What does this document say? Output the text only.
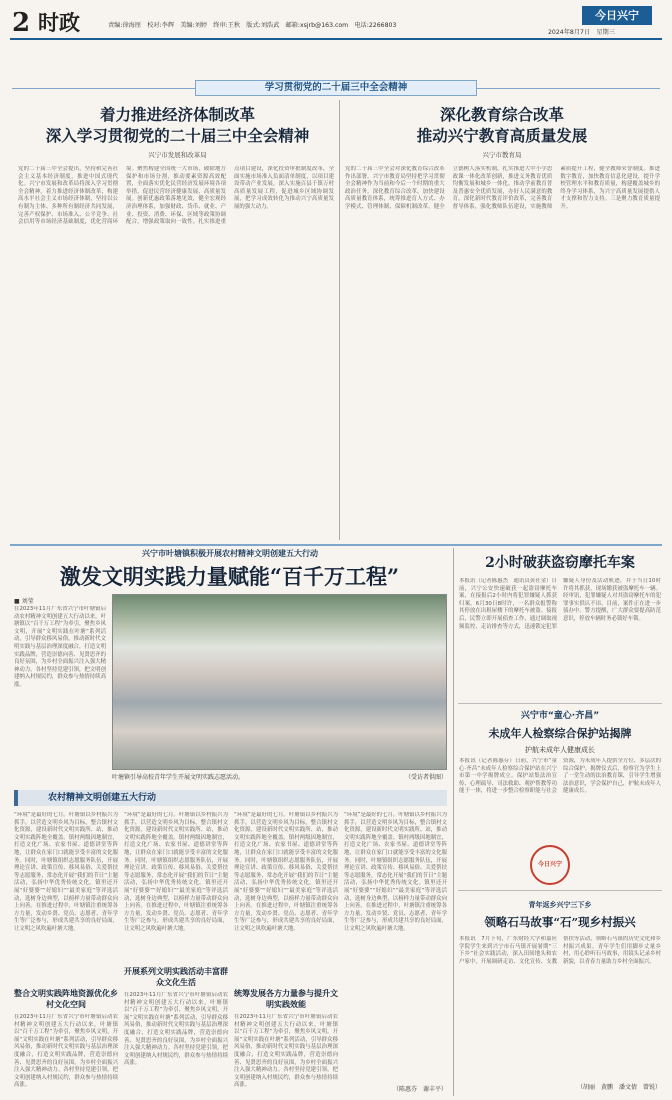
2 时政	责编:徐海厘　校对:李辉　美编:刘婷　终审:王秋　版式:刘浩武　邮箱:xsjrb@163.com　电话:2266803
今日兴宁
2024年8月7日　星期三
学习贯彻党的二十届三中全会精神
着力推进经济体制改革
深入学习贯彻党的二十届三中全会精神
兴宁市发展和改革局
党的二十届三中全会提出，坚持和完善社会主义基本经济制度，推进中国式现代化。兴宁市发展和改革局将深入学习贯彻全会精神，着力推进经济体制改革，构建高水平社会主义市场经济体制，坚持以公有制为主体、多种所有制经济共同发展，完善产权保护、市场准入、公平竞争、社会信用等市场经济基础制度，优化营商环境。聚焦构建全国统一大市场，破除地方保护和市场分割，推动要素资源高效配置，全面落实优化民营经济发展环境各项举措，促进民营经济健康发展、高质量发展。创新优惠政策落地见效，健全宏观经济治理体系，加强财政、货币、就业、产业、投资、消费、环保、区域等政策协调配合，增强政策取向一致性。扎实推进重点项目建设，深化投资审批制度改革，全面实施市场准入负面清单制度，以项目建设带动产业发展，深入实施百县千镇万村高质量发展工程，促进城乡区域协调发展，把学习成效转化为推动兴宁高质量发展的强大动力。
深化教育综合改革
推动兴宁教育高质量发展
兴宁市教育局
党的二十届三中全会对深化教育综合改革作出部署。兴宁市教育局坚持把学习贯彻全会精神作为当前和今后一个时期的重大政治任务，深化教育综合改革，加快建设高质量教育体系，统筹推进育人方式、办学模式、管理体制、保障机制改革。健全立德树人落实机制，扎实推进大中小学思政课一体化改革创新，推进义务教育优质均衡发展和城乡一体化，推动学前教育普及普惠安全优质发展，办好人民满意的教育。深化新时代教育评价改革，完善教育督导体系，强化教师队伍建设，实施教师素质提升工程，健全教师荣誉制度。推进数字教育，加快教育信息化建设，提升学校管理水平和教育质量，构建覆盖城乡的终身学习体系，为兴宁高质量发展提供人才支撑和智力支持。三是聚力教育质量提升。
兴宁市叶塘镇积极开展农村精神文明创建五大行动
激发文明实践力量赋能“百千万工程”
■ 刘莹
在2023年11月广东省兴宁市叶塘镇启动农村精神文明创建五大行动以来，叶塘镇以“百千万工程”为牵引，聚焦乡风文明，开展“文明实践在叶塘”系列活动，引导群众移风易俗，推动新时代文明实践与基层治理深度融合，打造文明实践品牌，营造崇德向善、见贤思齐的良好氛围，为乡村全面振兴注入强大精神动力。各村坚持党建引领，把文明创建纳入村规民约，群众参与热情持续高涨。
叶塘镇引导高校青年学生开展文明实践志愿活动。	（受访者供图）
农村精神文明创建五大行动
“环境”是最好的七月。叶塘镇以乡村振兴为抓手，以营造文明乡风为目标，整合镇村文化资源，建设新时代文明实践所、站，推动文明实践阵地全覆盖。镇村两级因地制宜，打造文化广场、农家书屋、道德讲堂等阵地，让群众在家门口就能享受丰富的文化服务。同时，叶塘镇组织志愿服务队伍，开展理论宣讲、政策宣传、移风易俗、关爱帮扶等志愿服务，常态化开展“我们的节日”主题活动，弘扬中华优秀传统文化。镇里还开展“好婆婆”“好媳妇”“最美家庭”等评选活动，选树身边典型，以榜样力量带动群众向上向善。在推进过程中，叶塘镇注重统筹各方力量，发动乡贤、党员、志愿者、青年学生等广泛参与，形成共建共享的良好局面，让文明之风吹遍叶塘大地。
整合文明实践阵地资源优化乡村文化空间
在2023年11月广东省兴宁市叶塘镇启动农村精神文明创建五大行动以来，叶塘镇以“百千万工程”为牵引，聚焦乡风文明，开展“文明实践在叶塘”系列活动，引导群众移风易俗，推动新时代文明实践与基层治理深度融合，打造文明实践品牌，营造崇德向善、见贤思齐的良好氛围，为乡村全面振兴注入强大精神动力。各村坚持党建引领，把文明创建纳入村规民约，群众参与热情持续高涨。
“环境”是最好的七月。叶塘镇以乡村振兴为抓手，以营造文明乡风为目标，整合镇村文化资源，建设新时代文明实践所、站，推动文明实践阵地全覆盖。镇村两级因地制宜，打造文化广场、农家书屋、道德讲堂等阵地，让群众在家门口就能享受丰富的文化服务。同时，叶塘镇组织志愿服务队伍，开展理论宣讲、政策宣传、移风易俗、关爱帮扶等志愿服务，常态化开展“我们的节日”主题活动，弘扬中华优秀传统文化。镇里还开展“好婆婆”“好媳妇”“最美家庭”等评选活动，选树身边典型，以榜样力量带动群众向上向善。在推进过程中，叶塘镇注重统筹各方力量，发动乡贤、党员、志愿者、青年学生等广泛参与，形成共建共享的良好局面，让文明之风吹遍叶塘大地。
开展系列文明实践活动丰富群众文化生活
在2023年11月广东省兴宁市叶塘镇启动农村精神文明创建五大行动以来，叶塘镇以“百千万工程”为牵引，聚焦乡风文明，开展“文明实践在叶塘”系列活动，引导群众移风易俗，推动新时代文明实践与基层治理深度融合，打造文明实践品牌，营造崇德向善、见贤思齐的良好氛围，为乡村全面振兴注入强大精神动力。各村坚持党建引领，把文明创建纳入村规民约，群众参与热情持续高涨。
“环境”是最好的七月。叶塘镇以乡村振兴为抓手，以营造文明乡风为目标，整合镇村文化资源，建设新时代文明实践所、站，推动文明实践阵地全覆盖。镇村两级因地制宜，打造文化广场、农家书屋、道德讲堂等阵地，让群众在家门口就能享受丰富的文化服务。同时，叶塘镇组织志愿服务队伍，开展理论宣讲、政策宣传、移风易俗、关爱帮扶等志愿服务，常态化开展“我们的节日”主题活动，弘扬中华优秀传统文化。镇里还开展“好婆婆”“好媳妇”“最美家庭”等评选活动，选树身边典型，以榜样力量带动群众向上向善。在推进过程中，叶塘镇注重统筹各方力量，发动乡贤、党员、志愿者、青年学生等广泛参与，形成共建共享的良好局面，让文明之风吹遍叶塘大地。
统筹发展各方力量参与提升文明实践效能
在2023年11月广东省兴宁市叶塘镇启动农村精神文明创建五大行动以来，叶塘镇以“百千万工程”为牵引，聚焦乡风文明，开展“文明实践在叶塘”系列活动，引导群众移风易俗，推动新时代文明实践与基层治理深度融合，打造文明实践品牌，营造崇德向善、见贤思齐的良好氛围，为乡村全面振兴注入强大精神动力。各村坚持党建引领，把文明创建纳入村规民约，群众参与热情持续高涨。
“环境”是最好的七月。叶塘镇以乡村振兴为抓手，以营造文明乡风为目标，整合镇村文化资源，建设新时代文明实践所、站，推动文明实践阵地全覆盖。镇村两级因地制宜，打造文化广场、农家书屋、道德讲堂等阵地，让群众在家门口就能享受丰富的文化服务。同时，叶塘镇组织志愿服务队伍，开展理论宣讲、政策宣传、移风易俗、关爱帮扶等志愿服务，常态化开展“我们的节日”主题活动，弘扬中华优秀传统文化。镇里还开展“好婆婆”“好媳妇”“最美家庭”等评选活动，选树身边典型，以榜样力量带动群众向上向善。在推进过程中，叶塘镇注重统筹各方力量，发动乡贤、党员、志愿者、青年学生等广泛参与，形成共建共享的良好局面，让文明之风吹遍叶塘大地。
（陈惠芬　谢丰平）
2小时破获盗窃摩托车案
本报讯（记者陈惠杰　通讯员黄社金）日前，兴宁公安快速破获一起盗窃摩托车案，在接报后2小时内将犯罪嫌疑人抓获归案。6月30日8时许，一名群众报警称其停放在出租屋楼下的摩托车被盗。接报后，民警立即开展侦查工作，通过调取视频监控、走访排查等方式，迅速锁定犯罪嫌疑人身份及活动轨迹，并于当日10时许将其抓获，现场缴获被盗摩托车一辆。经审讯，犯罪嫌疑人对其盗窃摩托车的犯罪事实供认不讳。目前，案件正在进一步侦办中。警方提醒，广大群众要提高防范意识，停放车辆时务必锁好车锁。
兴宁市“童心·齐昌”
未成年人检察综合保护站揭牌
护航未成年人健康成长
本报讯（记者陈惠芬）日前，兴宁市“童心·齐昌”未成年人检察综合保护站在兴宁市第一中学揭牌成立。保护站集法治宣传、心理疏导、司法救助、观护帮教等功能于一体，将进一步整合检察职能与社会资源，为未成年人提供全方位、多层次的综合保护。揭牌仪式后，检察官为学生上了一堂生动的法治教育课，引导学生增强法治意识，学会保护自己，护航未成年人健康成长。
今日兴宁
青年返乡兴宁三下乡
领略石马故事“石”现乡村振兴
本报讯　7月下旬，广东财经大学和嘉应学院学生来到兴宁市石马镇开展暑期“三下乡”社会实践活动，深入田间地头和农户家中，开展调研走访、文化宣传、支教帮扶等活动，领略石马镇的历史文化和乡村振兴成果。青年学生们用脚步丈量乡村，用心聆听石马故事，用镜头记录乡村新貌，以青春力量助力乡村全面振兴。
（胡丽　黄鹏　潘文倩　曾锐）
